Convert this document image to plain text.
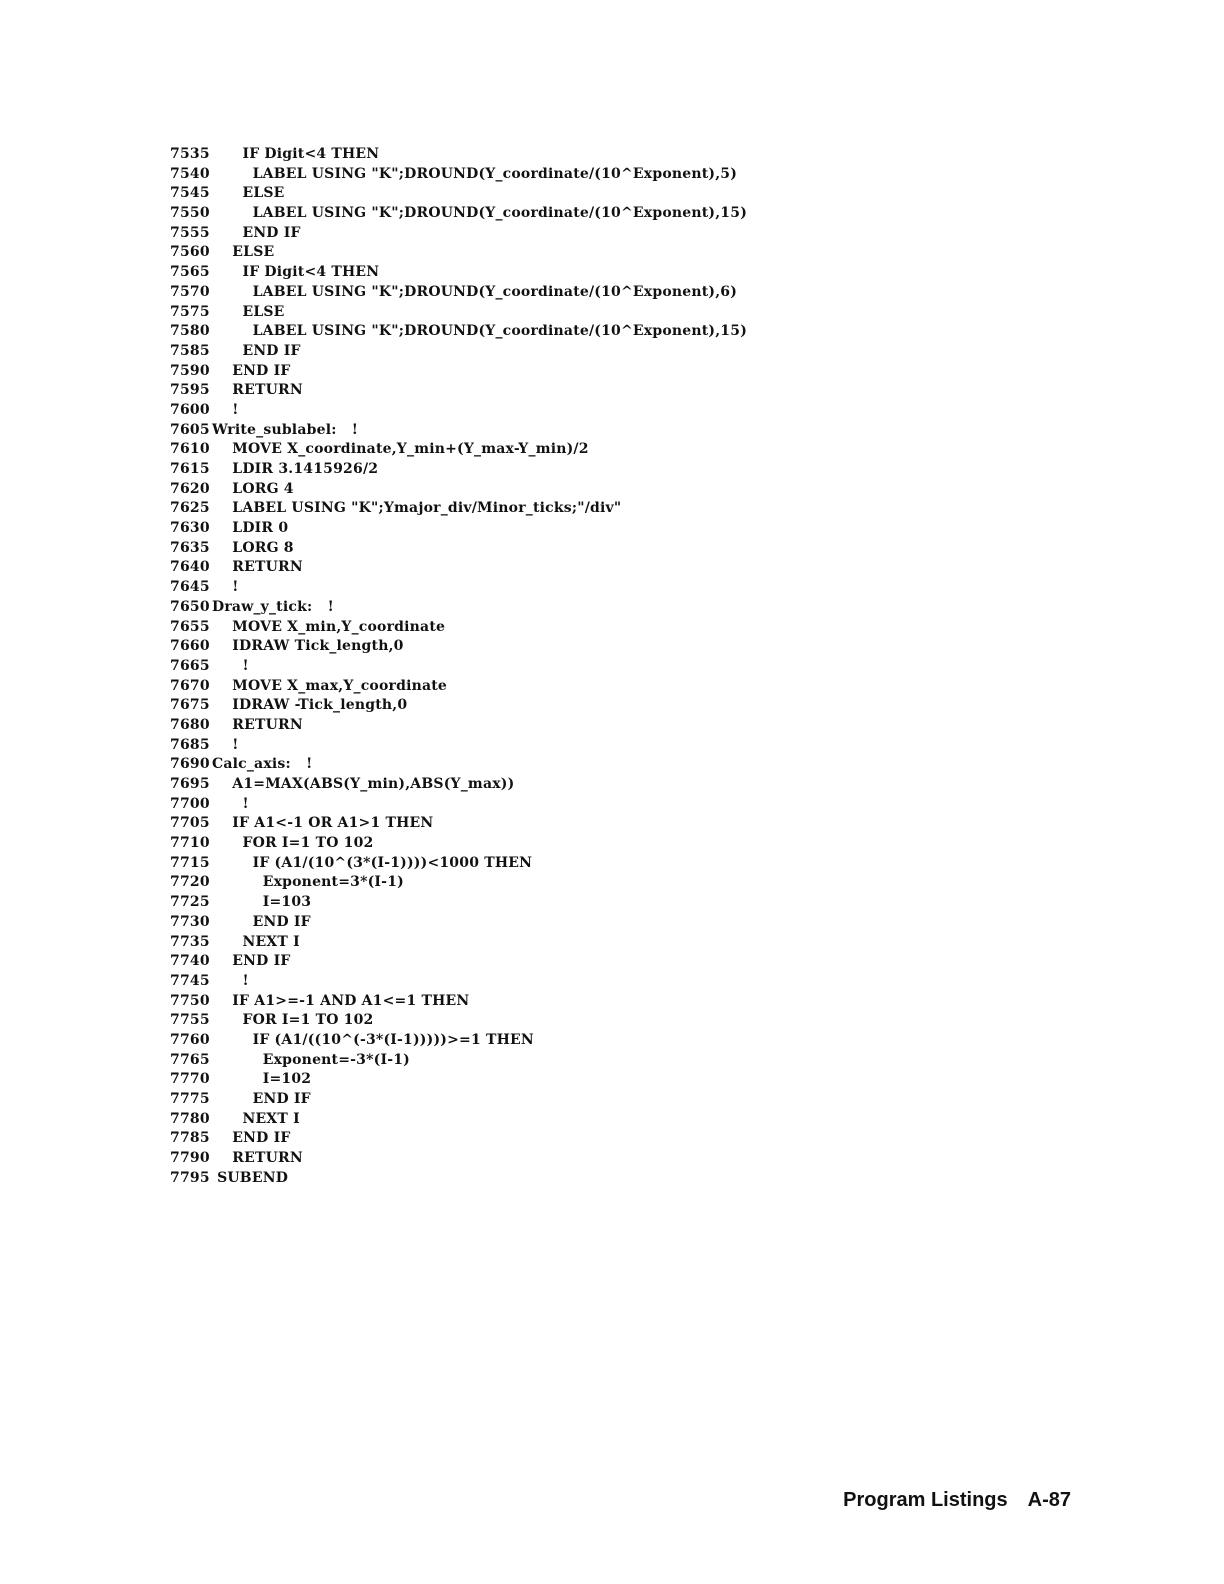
7535      IF Digit<4 THEN
7540        LABEL USING "K";DROUND(Y_coordinate/(10^Exponent),5)
7545      ELSE
7550        LABEL USING "K";DROUND(Y_coordinate/(10^Exponent),15)
7555      END IF
7560    ELSE
7565      IF Digit<4 THEN
7570        LABEL USING "K";DROUND(Y_coordinate/(10^Exponent),6)
7575      ELSE
7580        LABEL USING "K";DROUND(Y_coordinate/(10^Exponent),15)
7585      END IF
7590    END IF
7595    RETURN
7600    !
7605 Write_sublabel:   !
7610    MOVE X_coordinate,Y_min+(Y_max-Y_min)/2
7615    LDIR 3.1415926/2
7620    LORG 4
7625    LABEL USING "K";Ymajor_div/Minor_ticks;"/div"
7630    LDIR 0
7635    LORG 8
7640    RETURN
7645    !
7650 Draw_y_tick:   !
7655    MOVE X_min,Y_coordinate
7660    IDRAW Tick_length,0
7665      !
7670    MOVE X_max,Y_coordinate
7675    IDRAW -Tick_length,0
7680    RETURN
7685    !
7690 Calc_axis:   !
7695    A1=MAX(ABS(Y_min),ABS(Y_max))
7700      !
7705    IF A1<-1 OR A1>1 THEN
7710      FOR I=1 TO 102
7715        IF (A1/(10^(3*(I-1))))<1000 THEN
7720          Exponent=3*(I-1)
7725          I=103
7730        END IF
7735      NEXT I
7740    END IF
7745      !
7750    IF A1>=-1 AND A1<=1 THEN
7755      FOR I=1 TO 102
7760        IF (A1/((10^(-3*(I-1)))))>=1 THEN
7765          Exponent=-3*(I-1)
7770          I=102
7775        END IF
7780      NEXT I
7785    END IF
7790    RETURN
7795 SUBEND

Program Listings A-87
